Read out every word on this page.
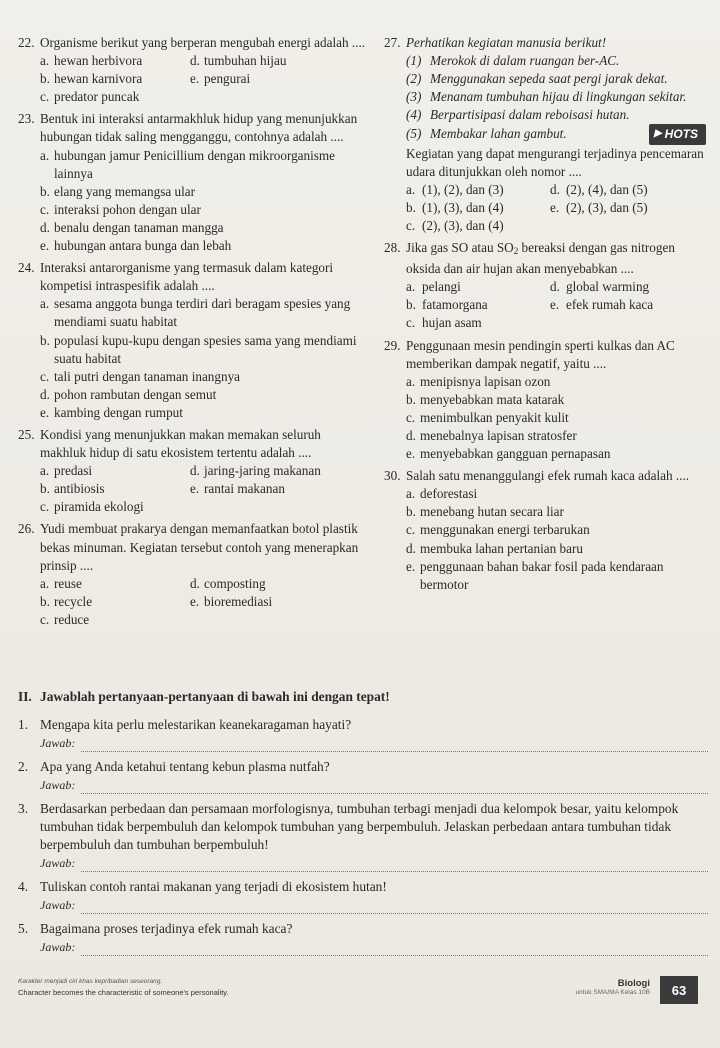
22. Organisme berikut yang berperan mengubah energi adalah ....
a. hewan herbivora	d. tumbuhan hijau
b. hewan karnivora	e. pengurai
c. predator puncak
23. Bentuk ini interaksi antarmakhluk hidup yang menunjukkan hubungan tidak saling mengganggu, contohnya adalah ....
a. hubungan jamur Penicillium dengan mikroorganisme lainnya
b. elang yang memangsa ular
c. interaksi pohon dengan ular
d. benalu dengan tanaman mangga
e. hubungan antara bunga dan lebah
24. Interaksi antarorganisme yang termasuk dalam kategori kompetisi intraspesifik adalah ....
a. sesama anggota bunga terdiri dari beragam spesies yang mendiami suatu habitat
b. populasi kupu-kupu dengan spesies sama yang mendiami suatu habitat
c. tali putri dengan tanaman inangnya
d. pohon rambutan dengan semut
e. kambing dengan rumput
25. Kondisi yang menunjukkan makan memakan seluruh makhluk hidup di satu ekosistem tertentu adalah ....
a. predasi	d. jaring-jaring makanan
b. antibiosis	e. rantai makanan
c. piramida ekologi
26. Yudi membuat prakarya dengan memanfaatkan botol plastik bekas minuman. Kegiatan tersebut contoh yang menerapkan prinsip ....
a. reuse	d. composting
b. recycle	e. bioremediasi
c. reduce
27. Perhatikan kegiatan manusia berikut!
(1) Merokok di dalam ruangan ber-AC.
(2) Menggunakan sepeda saat pergi jarak dekat.
(3) Menanam tumbuhan hijau di lingkungan sekitar.
(4) Berpartisipasi dalam reboisasi hutan.
(5) Membakar lahan gambut.	▶ HOTS
Kegiatan yang dapat mengurangi terjadinya pencemaran udara ditunjukkan oleh nomor ....
a. (1), (2), dan (3)	d. (2), (4), dan (5)
b. (1), (3), dan (4)	e. (2), (3), dan (5)
c. (2), (3), dan (4)
28. Jika gas SO atau $SO_2$ bereaksi dengan gas nitrogen oksida dan air hujan akan menyebabkan ....
a. pelangi	d. global warming
b. fatamorgana	e. efek rumah kaca
c. hujan asam
29. Penggunaan mesin pendingin sperti kulkas dan AC memberikan dampak negatif, yaitu ....
a. menipisnya lapisan ozon
b. menyebabkan mata katarak
c. menimbulkan penyakit kulit
d. menebalnya lapisan stratosfer
e. menyebabkan gangguan pernapasan
30. Salah satu menanggulangi efek rumah kaca adalah ....
a. deforestasi
b. menebang hutan secara liar
c. menggunakan energi terbarukan
d. membuka lahan pertanian baru
e. penggunaan bahan bakar fosil pada kendaraan bermotor
II. Jawablah pertanyaan-pertanyaan di bawah ini dengan tepat!
1. Mengapa kita perlu melestarikan keanekaragaman hayati?
Jawab:
2. Apa yang Anda ketahui tentang kebun plasma nutfah?
Jawab:
3. Berdasarkan perbedaan dan persamaan morfologisnya, tumbuhan terbagi menjadi dua kelompok besar, yaitu kelompok tumbuhan tidak berpembuluh dan kelompok tumbuhan yang berpembuluh. Jelaskan perbedaan antara tumbuhan tidak berpembuluh dan tumbuhan berpembuluh!
Jawab:
4. Tuliskan contoh rantai makanan yang terjadi di ekosistem hutan!
Jawab:
5. Bagaimana proses terjadinya efek rumah kaca?
Jawab:
Karakter menjadi ciri khas kepribadian seseorang.
Character becomes the characteristic of someone's personality.
Biologi
untuk SMA/MA Kelas 10B	63
